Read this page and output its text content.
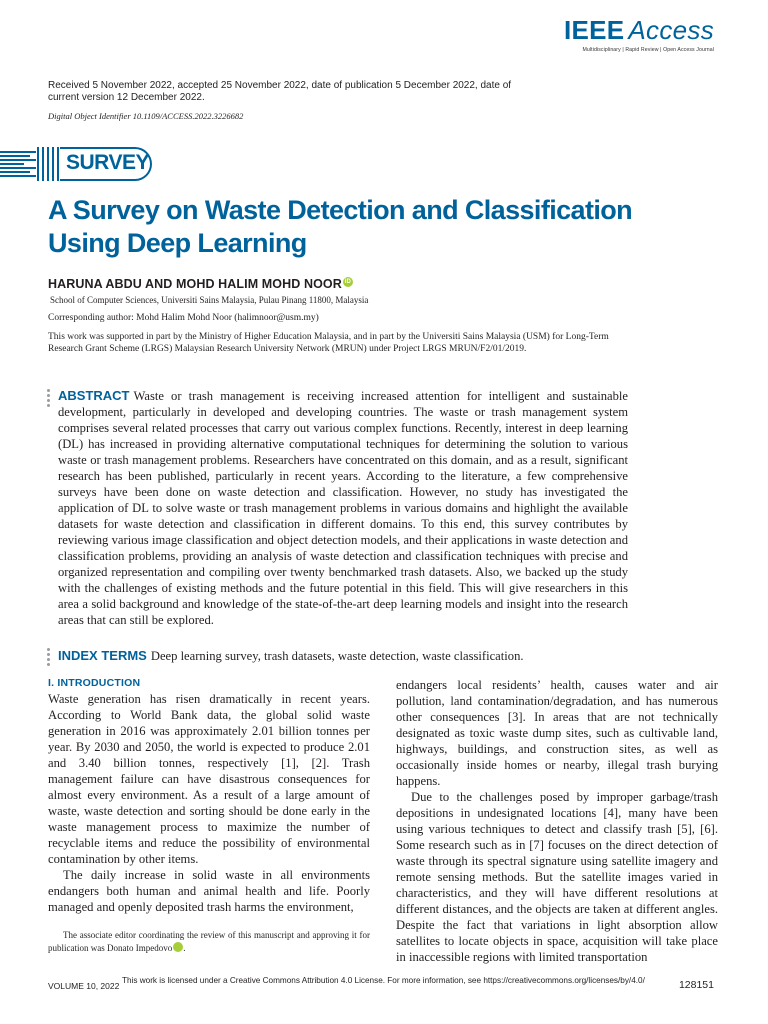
IEEE Access
Multidisciplinary | Rapid Review | Open Access Journal
Received 5 November 2022, accepted 25 November 2022, date of publication 5 December 2022, date of current version 12 December 2022.
Digital Object Identifier 10.1109/ACCESS.2022.3226682
SURVEY
A Survey on Waste Detection and Classification Using Deep Learning
HARUNA ABDU AND MOHD HALIM MOHD NOOR iD
School of Computer Sciences, Universiti Sains Malaysia, Pulau Pinang 11800, Malaysia
Corresponding author: Mohd Halim Mohd Noor (halimnoor@usm.my)
This work was supported in part by the Ministry of Higher Education Malaysia, and in part by the Universiti Sains Malaysia (USM) for Long-Term Research Grant Scheme (LRGS) Malaysian Research University Network (MRUN) under Project LRGS MRUN/F2/01/2019.
ABSTRACT Waste or trash management is receiving increased attention for intelligent and sustainable development, particularly in developed and developing countries. The waste or trash management system comprises several related processes that carry out various complex functions. Recently, interest in deep learning (DL) has increased in providing alternative computational techniques for determining the solution to various waste or trash management problems. Researchers have concentrated on this domain, and as a result, significant research has been published, particularly in recent years. According to the literature, a few comprehensive surveys have been done on waste detection and classification. However, no study has investigated the application of DL to solve waste or trash management problems in various domains and highlight the available datasets for waste detection and classification in different domains. To this end, this survey contributes by reviewing various image classification and object detection models, and their applications in waste detection and classification problems, providing an analysis of waste detection and classification techniques with precise and organized representation and compiling over twenty benchmarked trash datasets. Also, we backed up the study with the challenges of existing methods and the future potential in this field. This will give researchers in this area a solid background and knowledge of the state-of-the-art deep learning models and insight into the research areas that can still be explored.
INDEX TERMS Deep learning survey, trash datasets, waste detection, waste classification.
I. INTRODUCTION

Waste generation has risen dramatically in recent years. According to World Bank data, the global solid waste generation in 2016 was approximately 2.01 billion tonnes per year. By 2030 and 2050, the world is expected to produce 2.01 and 3.40 billion tonnes, respectively [1], [2]. Trash management failure can have disastrous consequences for almost every environment. As a result of a large amount of waste, waste detection and sorting should be done early in the waste management process to maximize the number of recyclable items and reduce the possibility of environmental contamination by other items.

The daily increase in solid waste in all environments endangers both human and animal health and life. Poorly managed and openly deposited trash harms the environment,

endangers local residents’ health, causes water and air pollution, land contamination/degradation, and has numerous other consequences [3]. In areas that are not technically designated as toxic waste dump sites, such as cultivable land, highways, buildings, and construction sites, as well as occasionally inside homes or nearby, illegal trash burying happens.

Due to the challenges posed by improper garbage/trash depositions in undesignated locations [4], many have been using various techniques to detect and classify trash [5], [6]. Some research such as in [7] focuses on the direct detection of waste through its spectral signature using satellite imagery and remote sensing methods. But the satellite images varied in characteristics, and they will have different resolutions at different distances, and the objects are taken at different angles. Despite the fact that variations in light absorption allow satellites to locate objects in space, acquisition will take place in inaccessible regions with limited transportation

The associate editor coordinating the review of this manuscript and approving it for publication was Donato Impedovo	iD.

VOLUME 10, 2022
This work is licensed under a Creative Commons Attribution 4.0 License. For more information, see https://creativecommons.org/licenses/by/4.0/	128151
